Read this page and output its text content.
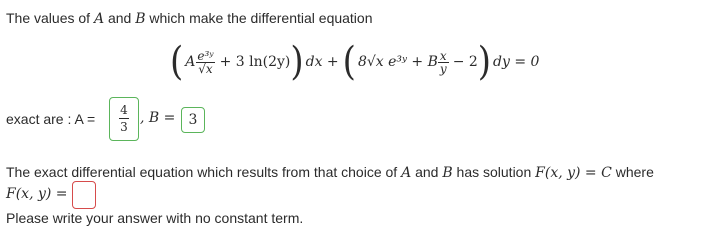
The values of A and B which make the differential equation
( A $\frac{\text{e³ʸ}}{√x} + 3$ ln(2y) ) dx + ( 8√x e³ʸ + B $\frac{x}{y} - 2$ ) dy = 0
exact are : A =
4
3
, B = 3
The exact differential equation which results from that choice of A and B has solution F(x, y) = C where
F(x, y) =
Please write your answer with no constant term.
